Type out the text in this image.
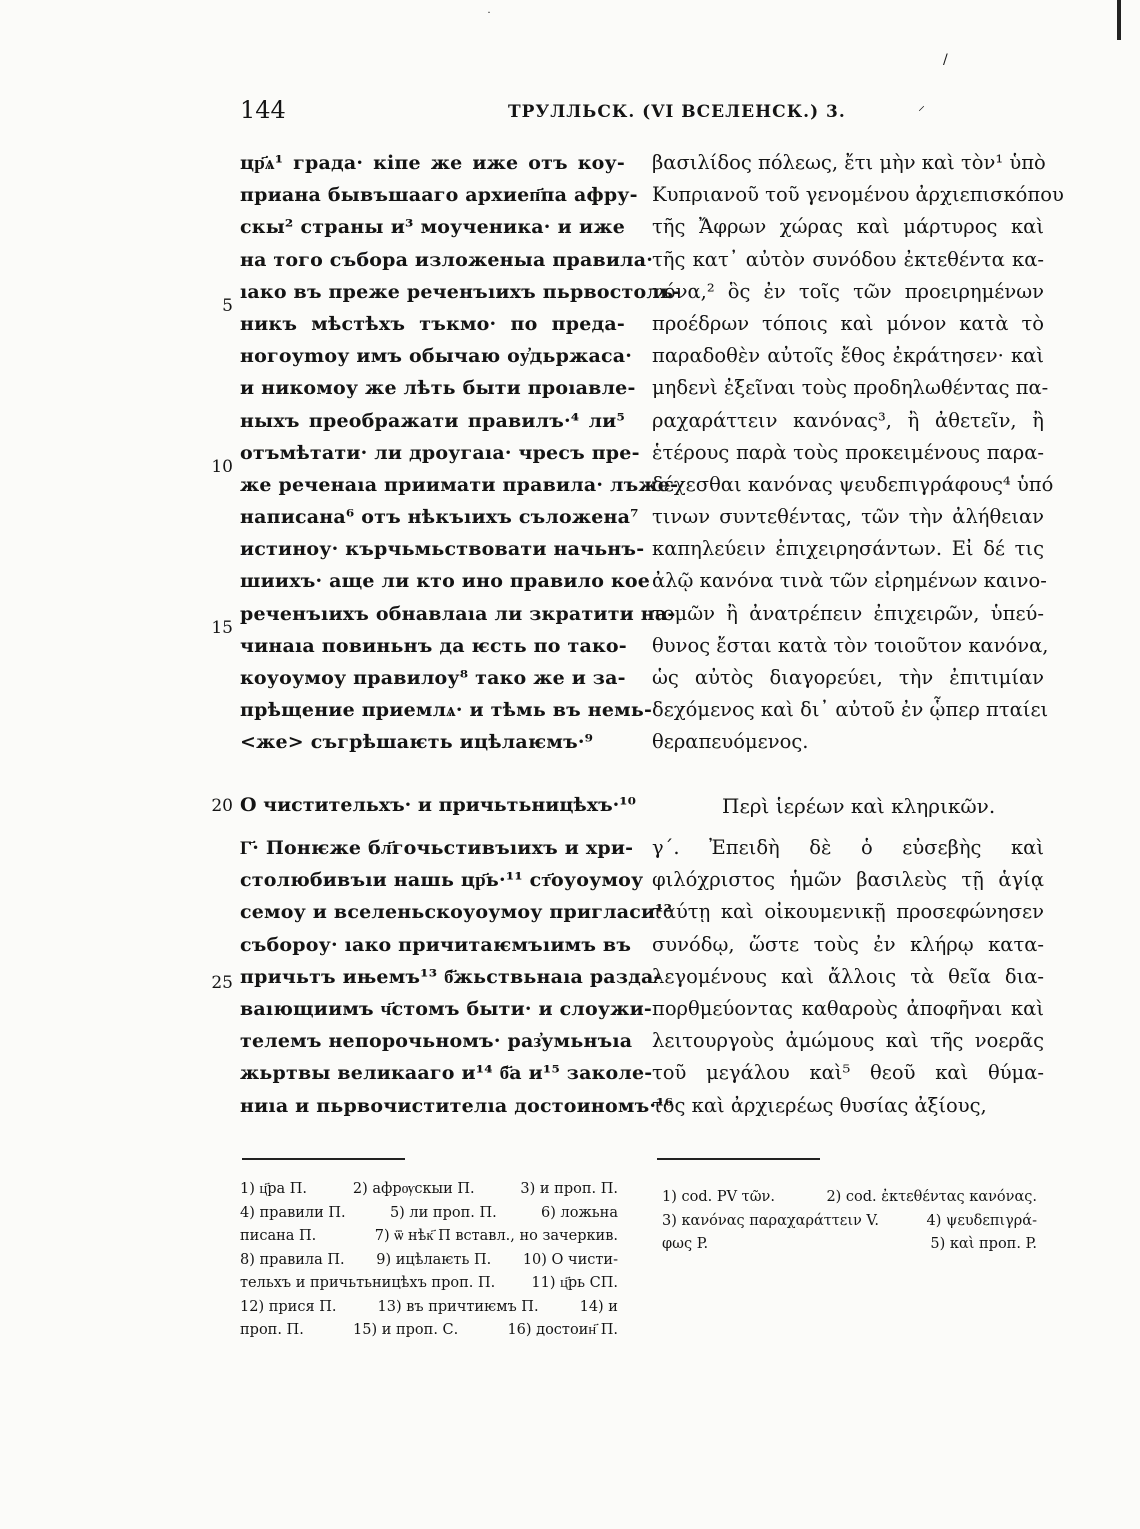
144	ТРУЛЛЬСК. (VI ВСЕЛЕНСК.) 3.
/
⸝
˙
цр҃ѧ¹ града· кіпе же иже отъ коу-
приана бывъшааго архиеп҃па афру-
скы² страны и³ моученика· и иже
на того събора изложеныа правила·
ıако въ преже реченъıихъ пьрвостоль-
никъ мѣстѣхъ тъкмо· по преда-
ногоуmоу имъ обычаю оу҆дьржаса·
и никомоу же лѣть быти проıавле-
ныхъ преображати правилъ·⁴ ли⁵
отъмѣтати· ли дроугаıа· чресъ пре-
же реченаıа приимати правила· лъже-
написана⁶ отъ нѣкъıихъ съложена⁷
истиноу· кърчьмьствовати начьнъ-
шиихъ· аще ли кто ино правило кое
реченъıихъ обнавлаıа ли зкратити на-
чинаıа повиньнъ да ѥсть по тако-
коуоумоу правилоу⁸ тако же и за-
прѣщение приемлѧ· и тѣмь въ немь-
<же> съгрѣшаѥть ицѣлаѥмъ·⁹
βασιλίδος πόλεως, ἔτι μὴν καὶ τὸν¹ ὑπὸ
Κυπριανοῦ τοῦ γενομένου ἀρχιεπισκόπου
τῆς Ἄφρων χώρας καὶ μάρτυρος καὶ
τῆς κατ᾽ αὐτὸν συνόδου ἐκτεθέντα κα-
νόνα,² ὃς ἐν τοῖς τῶν προειρημένων
προέδρων τόποις καὶ μόνον κατὰ τὸ
παραδοθὲν αὐτοῖς ἔθος ἐκράτησεν· καὶ
μηδενὶ ἐξεῖναι τοὺς προδηλωθέντας πα-
ραχαράττειν κανόνας³, ἢ ἀθετεῖν, ἢ
ἑτέρους παρὰ τοὺς προκειμένους παρα-
δέχεσθαι κανόνας ψευδεπιγράφους⁴ ὑπό
τινων συντεθέντας, τῶν τὴν ἀλήθειαν
καπηλεύειν ἐπιχειρησάντων. Εἰ δέ τις
ἀλῷ κανόνα τινὰ τῶν εἰρημένων καινο-
τομῶν ἢ ἀνατρέπειν ἐπιχειρῶν, ὑπεύ-
θυνος ἔσται κατὰ τὸν τοιοῦτον κανόνα,
ὡς αὐτὸς διαγορεύει, τὴν ἐπιτιμίαν
δεχόμενος καὶ δι᾽ αὐτοῦ ἐν ᾧπερ πταίει
θεραπευόμενος.
5
10
15
20
25
О чистительхъ· и причьтьницѣхъ·¹⁰	Περὶ ἱερέων καὶ κληρικῶν.
Г҃· Понѥже бл҃гочьстивъıихъ и хри-
столюбивъıи нашь цр҃ь·¹¹ ст҃оуоумоу
семоу и вселеньскоуоумоу пригласи¹²
съборoу· ıако причитаѥмъıимъ въ
причьтъ ињемъ¹³ б҃жьствьнаıа разда-
ваıющиимъ ч҃стомъ быти· и слоужи-
телемъ непорочьномъ· раз҆умьнъıа
жьртвы великааго и¹⁴ б҃а и¹⁵ заколе-
ниıа и пьрвочистителıа достоиномъ·¹⁶
γ΄. Ἐπειδὴ δὲ ὁ εὐσεβὴς καὶ
φιλόχριστος ἡμῶν βασιλεὺς τῇ ἁγίᾳ
ταύτῃ καὶ οἰκουμενικῇ προσεφώνησεν
συνόδῳ, ὥστε τοὺς ἐν κλήρῳ κατα-
λεγομένους καὶ ἄλλοις τὰ θεῖα δια-
πορθμεύοντας καθαροὺς ἀποφῆναι καὶ
λειτουργοὺς ἀμώμους καὶ τῆς νοερᾶς
τοῦ μεγάλου καὶ⁵ θεοῦ καὶ θύμα-
τος καὶ ἀρχιερέως θυσίας ἀξίους,
1) ц҃ра П.	2) афрѹскыи П.	3) и проп. П.
4) правили П.	5) ли проп. П.	6) ложьна
писана П.	7) ѿ нѣк҃ П вставл., но зачеркив.
8) правила П. 9) ицѣлаѥть П. 10) О чисти-
тельхъ и причьтьницѣхъ проп. П. 11) ц҃рь СП.
12) прися П.	13) въ причтиѥмъ П.	14) и
проп. П.	15) и проп. С.	16) достоин҃ П.
1) cod. PV τῶν.	2) cod. ἐκτεθέντας κανόνας.
3) κανόνας παραχαράττειν V.	4) ψευδεπιγρά-
φως P.	5) καὶ проп. P.
